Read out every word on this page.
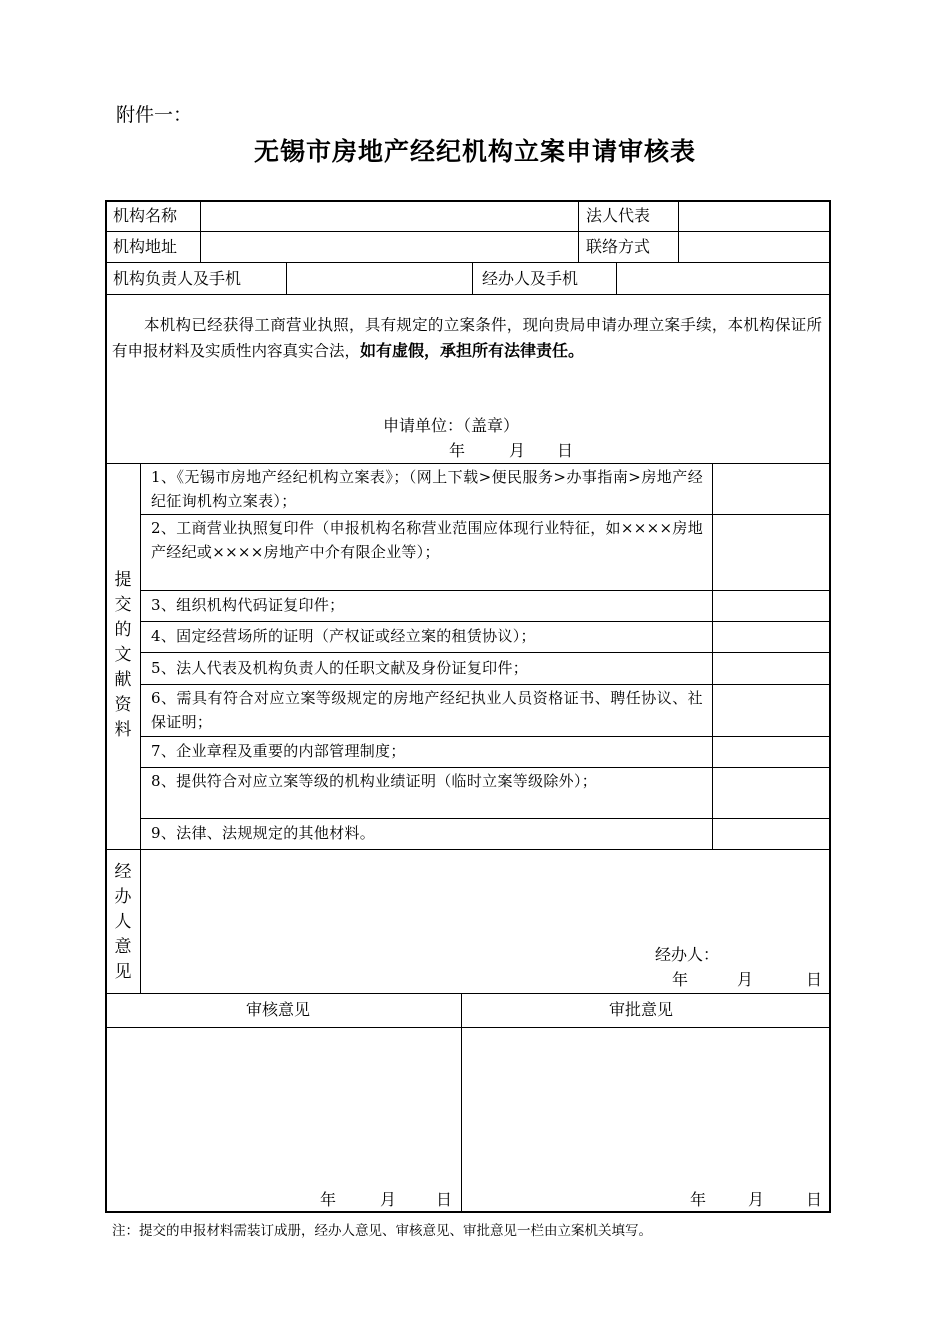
附件一：
无锡市房地产经纪机构立案申请审核表
机构名称	法人代表
机构地址	联络方式
机构负责人及手机	经办人及手机
本机构已经获得工商营业执照，具有规定的立案条件，现向贵局申请办理立案手续，本机构保证所有申报材料及实质性内容真实合法，如有虚假，承担所有法律责任。
申请单位：（盖章）
年	月 日
提交的文献资料
1、《无锡市房地产经纪机构立案表》；（网上下载>便民服务>办事指南>房地产经纪征询机构立案表）；
2、工商营业执照复印件（申报机构名称营业范围应体现行业特征，如××××房地产经纪或××××房地产中介有限企业等）；
3、组织机构代码证复印件；
4、固定经营场所的证明（产权证或经立案的租赁协议）；
5、法人代表及机构负责人的任职文献及身份证复印件；
6、需具有符合对应立案等级规定的房地产经纪执业人员资格证书、聘任协议、社保证明；
7、企业章程及重要的内部管理制度；
8、提供符合对应立案等级的机构业绩证明（临时立案等级除外）；
9、法律、法规规定的其他材料。
经办人意见
经办人：
年	月	日
审核意见	审批意见
年	月 日	年	月	日
注：提交的申报材料需装订成册，经办人意见、审核意见、审批意见一栏由立案机关填写。
